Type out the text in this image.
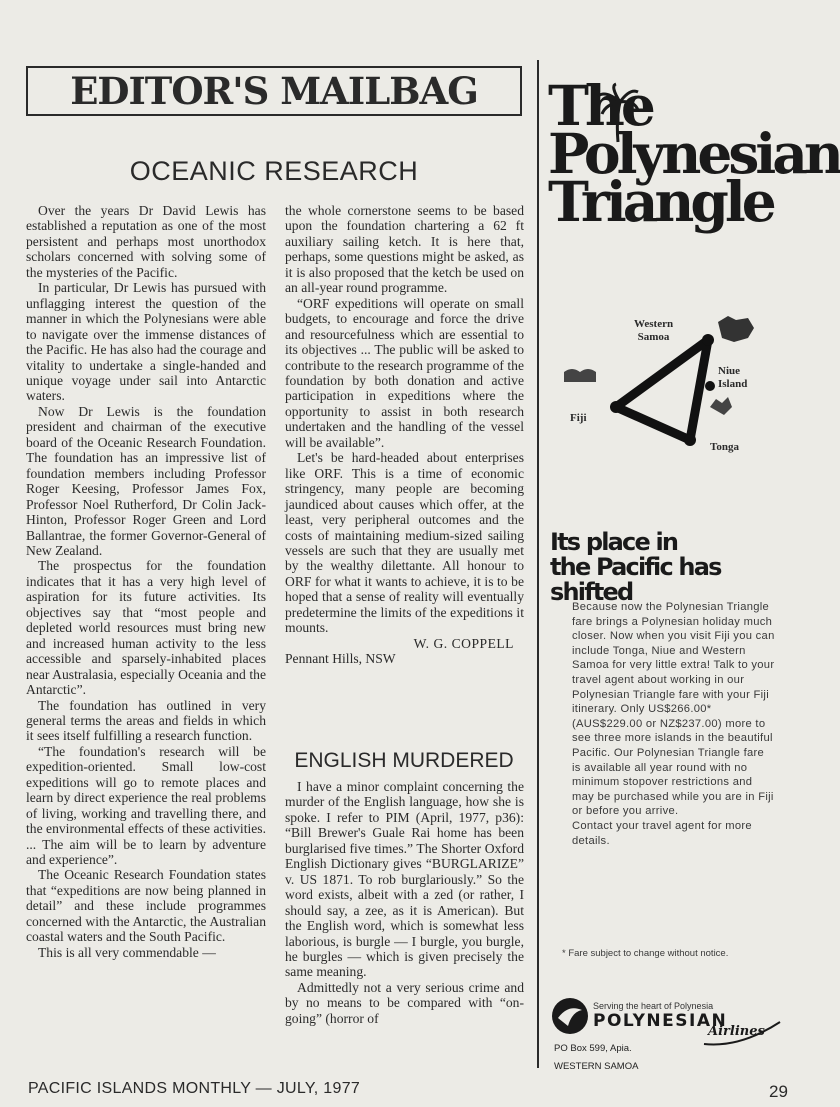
EDITOR'S MAILBAG
OCEANIC RESEARCH

Over the years Dr David Lewis has established a reputation as one of the most persistent and perhaps most unorthodox scholars concerned with solving some of the mysteries of the Pacific.

In particular, Dr Lewis has pursued with unflagging interest the question of the manner in which the Polynesians were able to navigate over the immense distances of the Pacific. He has also had the courage and vitality to undertake a single-handed and unique voyage under sail into Antarctic waters.

Now Dr Lewis is the foundation president and chairman of the executive board of the Oceanic Research Foundation. The foundation has an impressive list of foundation members including Professor Roger Keesing, Professor James Fox, Professor Noel Rutherford, Dr Colin Jack-Hinton, Professor Roger Green and Lord Ballantrae, the former Governor-General of New Zealand.

The prospectus for the foundation indicates that it has a very high level of aspiration for its future activities. Its objectives say that “most people and depleted world resources must bring new and increased human activity to the less accessible and sparsely-inhabited places near Australasia, especially Oceania and the Antarctic”.

The foundation has outlined in very general terms the areas and fields in which it sees itself fulfilling a research function.

“The foundation's research will be expedition-oriented. Small low-cost expeditions will go to remote places and learn by direct experience the real problems of living, working and travelling there, and the environmental effects of these activities. ... The aim will be to learn by adventure and experience”.

The Oceanic Research Foundation states that “expeditions are now being planned in detail” and these include programmes concerned with the Antarctic, the Australian coastal waters and the South Pacific.

This is all very commendable —

the whole cornerstone seems to be based upon the foundation chartering a 62 ft auxiliary sailing ketch. It is here that, perhaps, some questions might be asked, as it is also proposed that the ketch be used on an all-year round programme.

“ORF expeditions will operate on small budgets, to encourage and force the drive and resourcefulness which are essential to its objectives ... The public will be asked to contribute to the research programme of the foundation by both donation and active participation in expeditions where the opportunity to assist in both research undertaken and the handling of the vessel will be available”.

Let's be hard-headed about enterprises like ORF. This is a time of economic stringency, many people are becoming jaundiced about causes which offer, at the least, very peripheral outcomes and the costs of maintaining medium-sized sailing vessels are such that they are usually met by the wealthy dilettante. All honour to ORF for what it wants to achieve, it is to be hoped that a sense of reality will eventually predetermine the limits of the expeditions it mounts.

W. G. COPPELL

Pennant Hills, NSW

ENGLISH MURDERED

I have a minor complaint concerning the murder of the English language, how she is spoke. I refer to PIM (April, 1977, p36): “Bill Brewer's Guale Rai home has been burglarised five times.” The Shorter Oxford English Dictionary gives “BURGLARIZE” v. US 1871. To rob burglariously.” So the word exists, albeit with a zed (or rather, I should say, a zee, as it is American). But the English word, which is somewhat less laborious, is burgle — I burgle, you burgle, he burgles — which is given precisely the same meaning.

Admittedly not a very serious crime and by no means to be compared with “on-going” (horror of

The
Polynesian
Triangle
Western
Samoa
Niue
Island
Fiji
Tonga
Its place in
the Pacific has shifted

Because now the Polynesian Triangle fare brings a Polynesian holiday much closer. Now when you visit Fiji you can include Tonga, Niue and Western Samoa for very little extra! Talk to your travel agent about working in our Polynesian Triangle fare with your Fiji itinerary. Only US$266.00* (AUS$229.00 or NZ$237.00) more to see three more islands in the beautiful Pacific. Our Polynesian Triangle fare is available all year round with no minimum stopover restrictions and may be purchased while you are in Fiji or before you arrive.

Contact your travel agent for more details.

* Fare subject to change without notice.
Serving the heart of Polynesia
POLYNESIAN
Airlines
PO Box 599, Apia.
WESTERN SAMOA
PACIFIC ISLANDS MONTHLY — JULY, 1977	29
